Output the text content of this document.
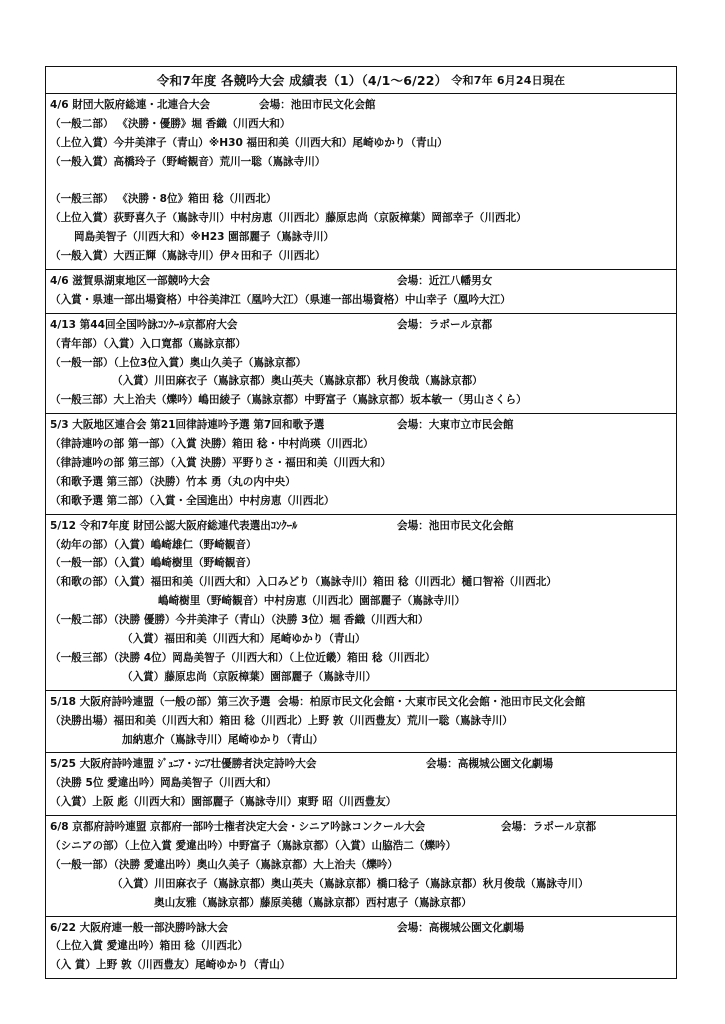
令和7年度 各競吟大会 成績表（1）（4/1～6/22） 令和7年 6月24日現在
4/6 財団大阪府総連・北連合大会	会場：池田市民文化会館
（一般二部） 《決勝・優勝》堀 香織（川西大和）
（上位入賞）今井美津子（青山）※H30 福田和美（川西大和）尾崎ゆかり（青山）
（一般入賞）高橋玲子（野崎観音）荒川一聡（嶌詠寺川）
（一般三部） 《決勝・8位》箱田 稔（川西北）
（上位入賞）荻野喜久子（嶌詠寺川）中村房恵（川西北）藤原忠尚（京阪樟葉）岡部幸子（川西北）
岡島美智子（川西大和）※H23 園部麗子（嶌詠寺川）
（一般入賞）大西正輝（嶌詠寺川）伊々田和子（川西北）
4/6 滋賀県湖東地区一部競吟大会	会場：近江八幡男女
（入賞・県連一部出場資格）中谷美津江（凰吟大江）（県連一部出場資格）中山幸子（凰吟大江）
4/13 第44回全国吟詠ｺﾝｸｰﾙ京都府大会	会場：ラポール京都
（青年部）（入賞）入口寛都（嶌詠京都）
（一般一部）（上位3位入賞）奥山久美子（嶌詠京都）
（入賞）川田麻衣子（嶌詠京都）奥山英夫（嶌詠京都）秋月俊哉（嶌詠京都）
（一般三部）大上治夫（爍吟）嶋田綾子（嶌詠京都）中野富子（嶌詠京都）坂本敏一（男山さくら）
5/3 大阪地区連合会 第21回律詩連吟予選 第7回和歌予選	会場：大東市立市民会館
（律詩連吟の部 第一部）（入賞 決勝）箱田 稔・中村尚瑛（川西北）
（律詩連吟の部 第三部）（入賞 決勝）平野りさ・福田和美（川西大和）
（和歌予選 第三部）（決勝）竹本 勇（丸の内中央）
（和歌予選 第二部）（入賞・全国進出）中村房恵（川西北）
5/12 令和7年度 財団公認大阪府総連代表選出ｺﾝｸｰﾙ	会場：池田市民文化会館
（幼年の部）（入賞）嶋崎雄仁（野崎観音）
（一般一部）（入賞）嶋崎樹里（野崎観音）
（和歌の部）（入賞）福田和美（川西大和）入口みどり（嶌詠寺川）箱田 稔（川西北）樋口智裕（川西北）
嶋崎樹里（野崎観音）中村房恵（川西北）園部麗子（嶌詠寺川）
（一般二部）（決勝 優勝）今井美津子（青山）（決勝 3位）堀 香織（川西大和）
（入賞）福田和美（川西大和）尾崎ゆかり（青山）
（一般三部）（決勝 4位）岡島美智子（川西大和）（上位近畿）箱田 稔（川西北）
（入賞）藤原忠尚（京阪樟葉）園部麗子（嶌詠寺川）
5/18 大阪府詩吟連盟（一般の部）第三次予選 会場：柏原市民文化会館・大東市民文化会館・池田市民文化会館
（決勝出場）福田和美（川西大和）箱田 稔（川西北）上野 敦（川西豊友）荒川一聡（嶌詠寺川）
加納恵介（嶌詠寺川）尾崎ゆかり（青山）
5/25 大阪府詩吟連盟 ｼﾞｭﾆｱ・ｼﾆｱ壮優勝者決定詩吟大会	会場：高槻城公園文化劇場
（決勝 5位 愛違出吟）岡島美智子（川西大和）
（入賞）上阪 彪（川西大和）園部麗子（嶌詠寺川）東野 昭（川西豊友）
6/8 京都府詩吟連盟 京都府一部吟士権者決定大会・シニア吟詠コンクール大会	会場：ラポール京都
（シニアの部）（上位入賞 愛違出吟）中野富子（嶌詠京都）（入賞）山脇浩二（爍吟）
（一般一部）（決勝 愛違出吟）奥山久美子（嶌詠京都）大上治夫（爍吟）
（入賞）川田麻衣子（嶌詠京都）奥山英夫（嶌詠京都）橋口稔子（嶌詠京都）秋月俊哉（嶌詠寺川）
奥山友雅（嶌詠京都）藤原美穂（嶌詠京都）西村恵子（嶌詠京都）
6/22 大阪府連一般一部決勝吟詠大会	会場：高槻城公園文化劇場
（上位入賞 愛違出吟）箱田 稔（川西北）
（入 賞）上野 敦（川西豊友）尾崎ゆかり（青山）
